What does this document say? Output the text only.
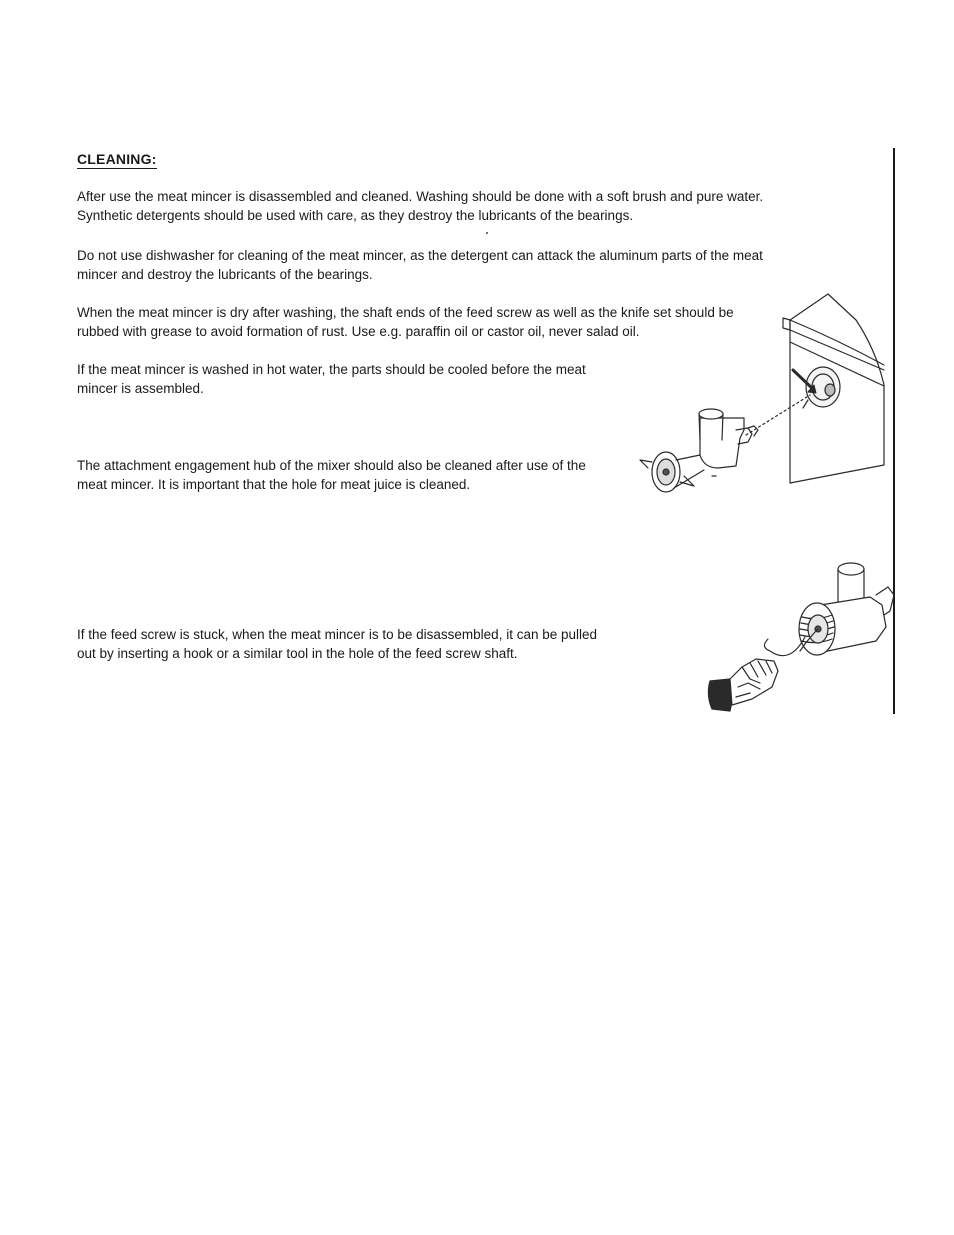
CLEANING:

After use the meat mincer is disassembled and cleaned. Washing should be done with a soft brush and pure water. Synthetic detergents should be used with care, as they destroy the lubricants of the bearings.

Do not use dishwasher for cleaning of the meat mincer, as the detergent can attack the aluminum parts of the meat mincer and destroy the lubricants of the bearings.

When the meat mincer is dry after washing, the shaft ends of the feed screw as well as the knife set should be rubbed with grease to avoid formation of rust. Use e.g. paraffin oil or castor oil, never salad oil.

If the meat mincer is washed in hot water, the parts should be cooled before the meat mincer is assembled.

The attachment engagement hub of the mixer should also be cleaned after use of the meat mincer. It is important that the hole for meat juice is cleaned.

If the feed screw is stuck, when the meat mincer is to be disassembled, it can be pulled out by inserting a hook or a similar tool in the hole of the feed screw shaft.
